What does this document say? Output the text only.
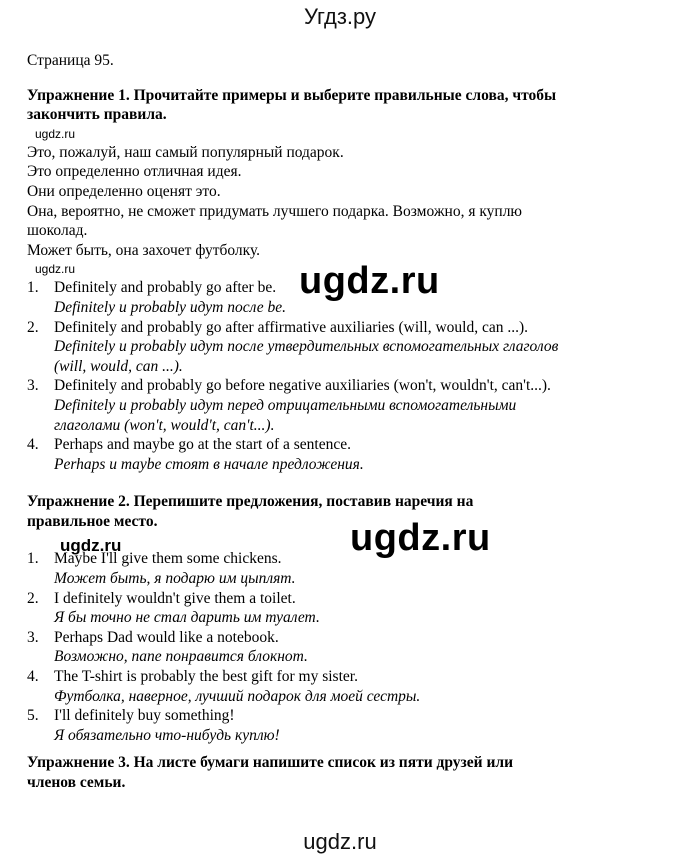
Угдз.ру

Страница 95.

Упражнение 1. Прочитайте примеры и выберите правильные слова, чтобы

закончить правила.

ugdz.ru

Это, пожалуй, наш самый популярный подарок.

Это определенно отличная идея.

Они определенно оценят это.

Она, вероятно, не сможет придумать лучшего подарка. Возможно, я куплю

шоколад.

Может быть, она захочет футболку.

ugdz.ru
1. Definitely and probably go after be.
Definitely и probably идут после be.
2. Definitely and probably go after affirmative auxiliaries (will, would, can ...).
Definitely и probably идут после утвердительных вспомогательных глаголов
(will, would, can ...).
3. Definitely and probably go before negative auxiliaries (won't, wouldn't, can't...).
Definitely и probably идут перед отрицательными вспомогательными
глаголами (won't, would't, can't...).
4. Perhaps and maybe go at the start of a sentence.
Perhaps и maybe стоят в начале предложения.

Упражнение 2. Перепишите предложения, поставив наречия на

правильное место.

1. Maybe I'll give them some chickens.
Может быть, я подарю им цыплят.
2. I definitely wouldn't give them a toilet.
Я бы точно не стал дарить им туалет.
3. Perhaps Dad would like a notebook.
Возможно, папе понравится блокнот.
4. The T-shirt is probably the best gift for my sister.
Футболка, наверное, лучший подарок для моей сестры.
5. I'll definitely buy something!
Я обязательно что-нибудь куплю!

Упражнение 3. На листе бумаги напишите список из пяти друзей или

членов семьи.

ugdz.ru
ugdz.ru
ugdz.ru
ugdz.ru
